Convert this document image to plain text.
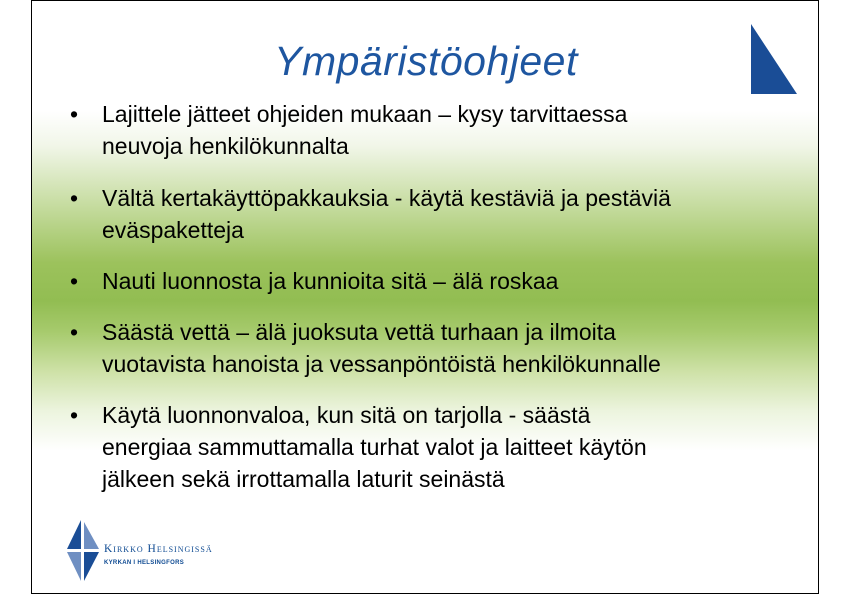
Ympäristöohjeet
• Lajittele jätteet ohjeiden mukaan – kysy tarvittaessa
neuvoja henkilökunnalta
• Vältä kertakäyttöpakkauksia - käytä kestäviä ja pestäviä
eväspaketteja
• Nauti luonnosta ja kunnioita sitä – älä roskaa
• Säästä vettä – älä juoksuta vettä turhaan ja ilmoita
vuotavista hanoista ja vessanpöntöistä henkilökunnalle
• Käytä luonnonvaloa, kun sitä on tarjolla - säästä
energiaa sammuttamalla turhat valot ja laitteet käytön
jälkeen sekä irrottamalla laturit seinästä
Kirkko Helsingissä
KYRKAN I HELSINGFORS
